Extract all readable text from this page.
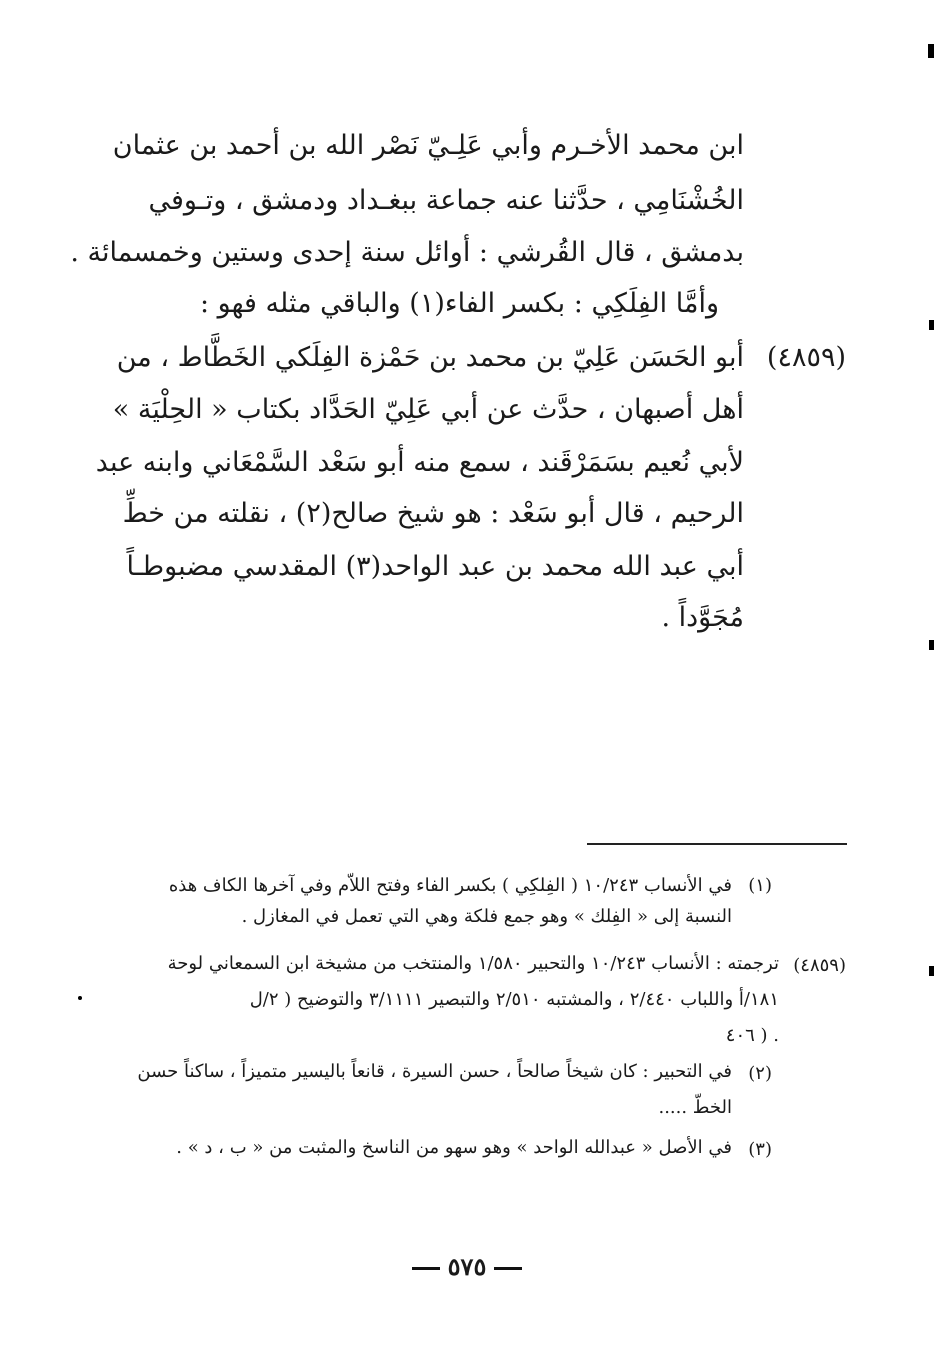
ابن محمد الأخـرم وأبي عَلِـيّ نَصْر الله بن أحمد بن عثمان
الخُشْنَامِي ، حدَّثنا عنه جماعة ببغـداد ودمشق ، وتـوفي
بدمشق ، قال القُرشي : أوائل سنة إحدى وستين وخمسمائة .
وأمَّا الفِلَكِي : بكسر الفاء(١) والباقي مثله فهو :
(٤٨٥٩)
أبو الحَسَن عَلِيّ بن محمد بن حَمْزة الفِلَكي الخَطَّاط ، من
أهل أصبهان ، حدَّث عن أبي عَلِيّ الحَدَّاد بكتاب « الحِلْيَة »
لأبي نُعيم بسَمَرْقَند ، سمع منه أبو سَعْد السَّمْعَاني وابنه عبد
الرحيم ، قال أبو سَعْد : هو شيخ صالح(٢) ، نقلته من خطِّ
أبي عبد الله محمد بن عبد الواحد(٣) المقدسي مضبوطـاً
مُجَوَّداً .
(١)
في الأنساب ١٠/٢٤٣ ( الفِلكِي ) بكسر الفاء وفتح اللاّم وفي آخرها الكاف هذه
النسبة إلى « الفِلك » وهو جمع فلكة وهي التي تعمل في المغازل .
(٤٨٥٩)
ترجمته : الأنساب ١٠/٢٤٣ والتحبير ١/٥٨٠ والمنتخب من مشيخة ابن السمعاني لوحة
١٨١/أ واللباب ٢/٤٤٠ ، والمشتبه ٢/٥١٠ والتبصير ٣/١١١١ والتوضيح ( ٢/ل
٤٠٦ ) .
(٢)
في التحبير : كان شيخاً صالحاً ، حسن السيرة ، قانعاً باليسير متميزاً ، ساكناً حسن
الخطّ .....
(٣)
في الأصل « عبدالله الواحد » وهو سهو من الناسخ والمثبت من « ب ، د » .
٥٧٥
